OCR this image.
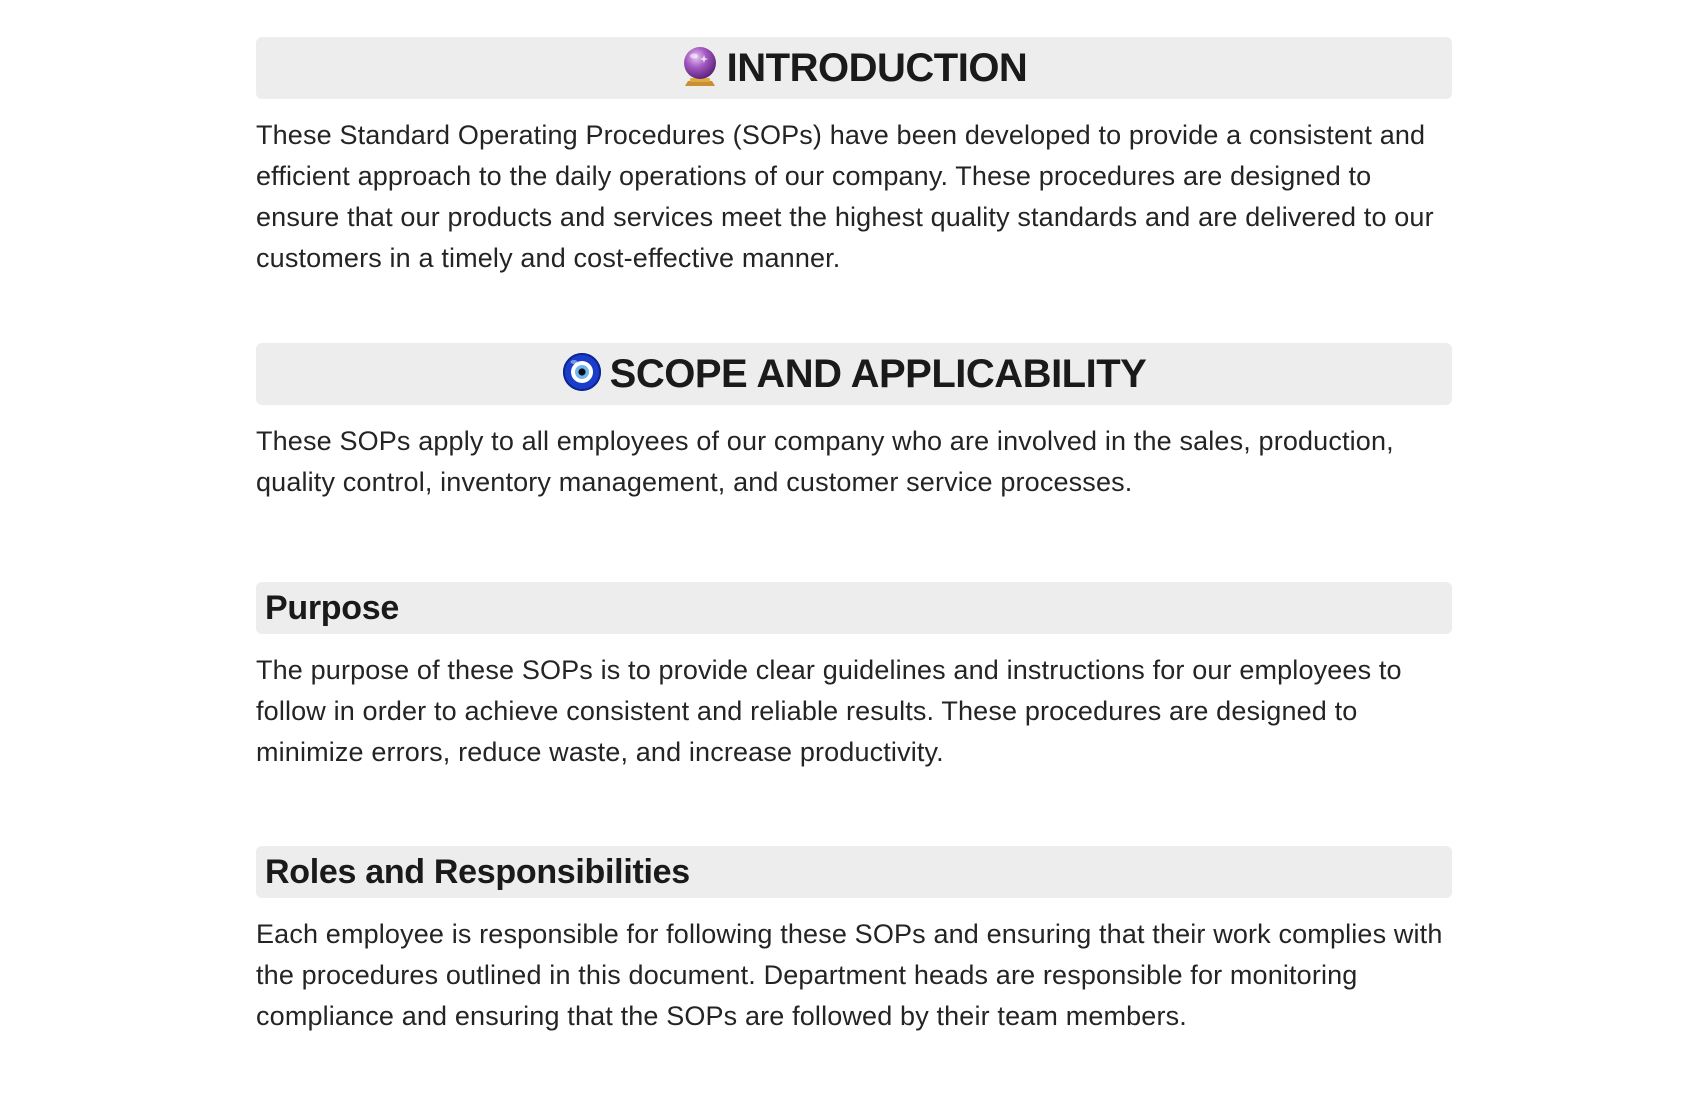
INTRODUCTION

These Standard Operating Procedures (SOPs) have been developed to provide a consistent and efficient approach to the daily operations of our company. These procedures are designed to ensure that our products and services meet the highest quality standards and are delivered to our customers in a timely and cost-effective manner.

SCOPE AND APPLICABILITY

These SOPs apply to all employees of our company who are involved in the sales, production, quality control, inventory management, and customer service processes.

Purpose

The purpose of these SOPs is to provide clear guidelines and instructions for our employees to follow in order to achieve consistent and reliable results. These procedures are designed to minimize errors, reduce waste, and increase productivity.

Roles and Responsibilities

Each employee is responsible for following these SOPs and ensuring that their work complies with the procedures outlined in this document. Department heads are responsible for monitoring compliance and ensuring that the SOPs are followed by their team members.
